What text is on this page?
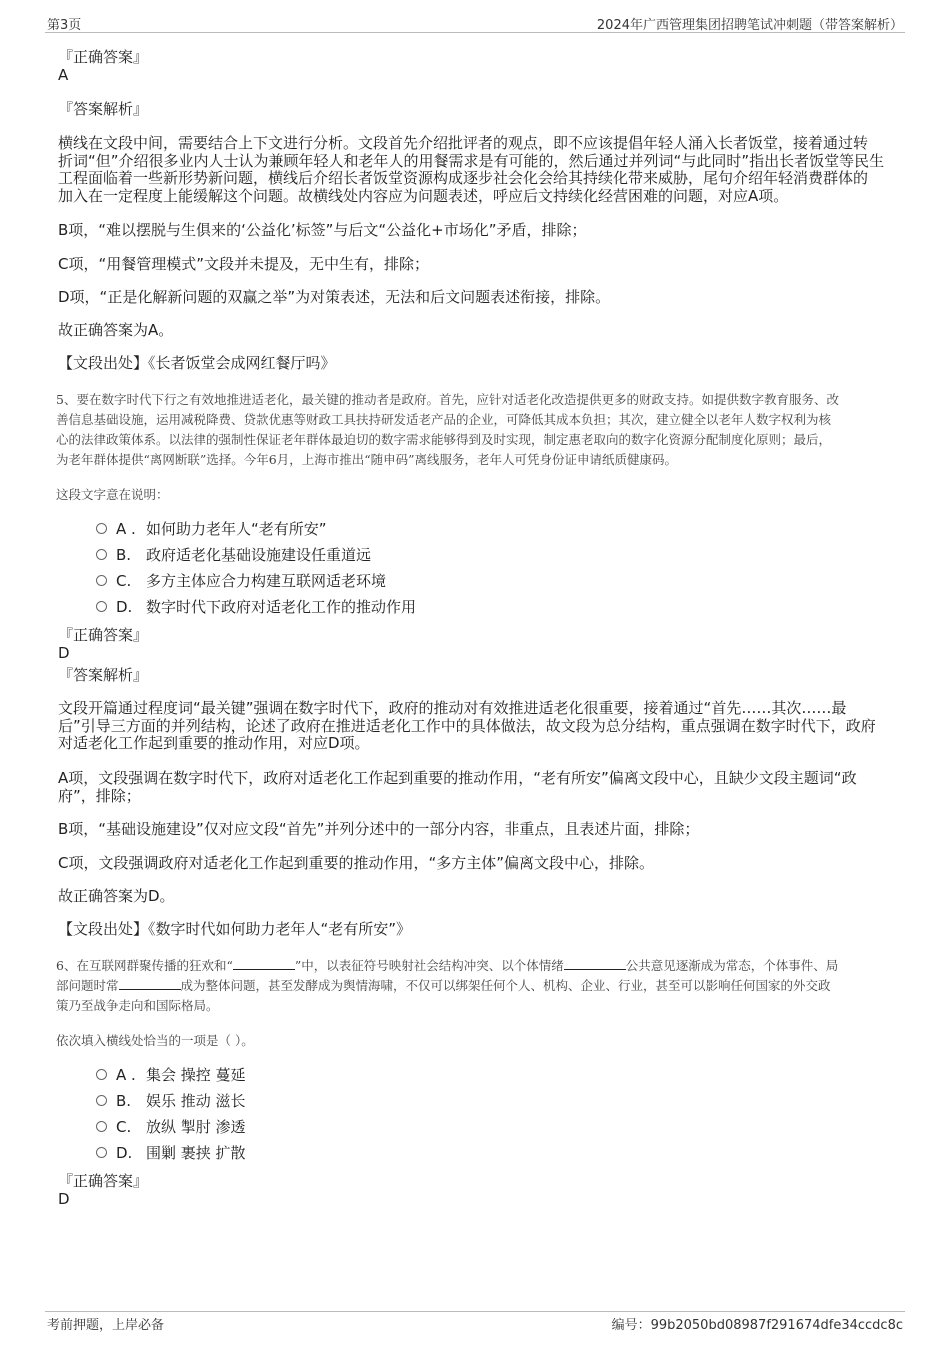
第3页	2024年广西管理集团招聘笔试冲刺题（带答案解析）
『正确答案』
A
『答案解析』
横线在文段中间，需要结合上下文进行分析。文段首先介绍批评者的观点，即不应该提倡年轻人涌入长者饭堂，接着通过转
折词“但”介绍很多业内人士认为兼顾年轻人和老年人的用餐需求是有可能的，然后通过并列词“与此同时”指出长者饭堂等民生
工程面临着一些新形势新问题，横线后介绍长者饭堂资源构成逐步社会化会给其持续化带来威胁，尾句介绍年轻消费群体的
加入在一定程度上能缓解这个问题。故横线处内容应为问题表述，呼应后文持续化经营困难的问题，对应A项。
B项，“难以摆脱与生俱来的‘公益化’标签”与后文“公益化+市场化”矛盾，排除；
C项，“用餐管理模式”文段并未提及，无中生有，排除；
D项，“正是化解新问题的双赢之举”为对策表述，无法和后文问题表述衔接，排除。
故正确答案为A。
【文段出处】《长者饭堂会成网红餐厅吗》
5、要在数字时代下行之有效地推进适老化，最关键的推动者是政府。首先，应针对适老化改造提供更多的财政支持。如提供数字教育服务、改
善信息基础设施，运用减税降费、贷款优惠等财政工具扶持研发适老产品的企业，可降低其成本负担；其次，建立健全以老年人数字权利为核
心的法律政策体系。以法律的强制性保证老年群体最迫切的数字需求能够得到及时实现，制定惠老取向的数字化资源分配制度化原则；最后，
为老年群体提供“离网断联”选择。今年6月，上海市推出“随申码”离线服务，老年人可凭身份证申请纸质健康码。
这段文字意在说明：
A . 如何助力老年人“老有所安”
B. 政府适老化基础设施建设任重道远
C. 多方主体应合力构建互联网适老环境
D. 数字时代下政府对适老化工作的推动作用
『正确答案』
D
『答案解析』
文段开篇通过程度词“最关键”强调在数字时代下，政府的推动对有效推进适老化很重要，接着通过“首先……其次……最
后”引导三方面的并列结构，论述了政府在推进适老化工作中的具体做法，故文段为总分结构，重点强调在数字时代下，政府
对适老化工作起到重要的推动作用，对应D项。
A项，文段强调在数字时代下，政府对适老化工作起到重要的推动作用，“老有所安”偏离文段中心，且缺少文段主题词“政
府”，排除；
B项，“基础设施建设”仅对应文段“首先”并列分述中的一部分内容，非重点，且表述片面，排除；
C项，文段强调政府对适老化工作起到重要的推动作用，“多方主体”偏离文段中心，排除。
故正确答案为D。
【文段出处】《数字时代如何助力老年人“老有所安”》
6、在互联网群聚传播的狂欢和“	”中，以表征符号映射社会结构冲突、以个体情绪	公共意见逐渐成为常态，个体事件、局
部问题时常	成为整体问题，甚至发酵成为舆情海啸，不仅可以绑架任何个人、机构、企业、行业，甚至可以影响任何国家的外交政
策乃至战争走向和国际格局。
依次填入横线处恰当的一项是（ ）。
A . 集会 操控 蔓延
B. 娱乐 推动 滋长
C. 放纵 掣肘 渗透
D. 围剿 裹挟 扩散
『正确答案』
D
考前押题，上岸必备	编号：99b2050bd08987f291674dfe34ccdc8c
